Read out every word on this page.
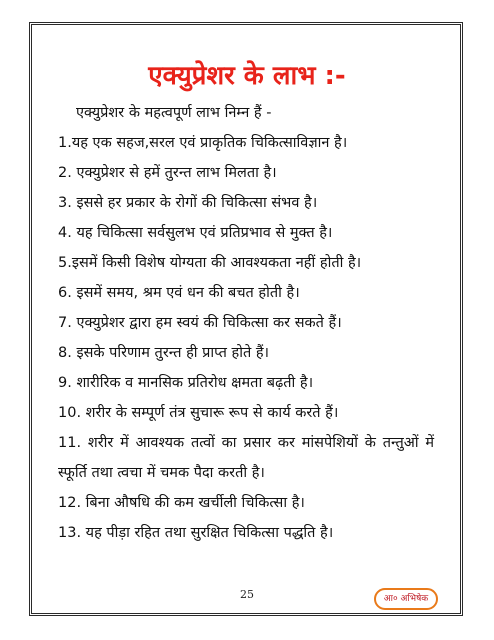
एक्युप्रेशर के लाभ :-
एक्युप्रेशर के महत्वपूर्ण लाभ निम्न हैं -
1.यह एक सहज,सरल एवं प्राकृतिक चिकित्साविज्ञान है।
2. एक्युप्रेशर से हमें तुरन्त लाभ मिलता है।
3. इससे हर प्रकार के रोगों की चिकित्सा संभव है।
4. यह चिकित्सा सर्वसुलभ एवं प्रतिप्रभाव से मुक्त है।
5.इसमें किसी विशेष योग्यता की आवश्यकता नहीं होती है।
6. इसमें समय, श्रम एवं धन की बचत होती है।
7. एक्युप्रेशर द्वारा हम स्वयं की चिकित्सा कर सकते हैं।
8. इसके परिणाम तुरन्त ही प्राप्त होते हैं।
9. शारीरिक व मानसिक प्रतिरोध क्षमता बढ़ती है।
10. शरीर के सम्पूर्ण तंत्र सुचारू रूप से कार्य करते हैं।
11. शरीर में आवश्यक तत्वों का प्रसार कर मांसपेशियों के तन्तुओं में स्फूर्ति तथा त्वचा में चमक पैदा करती है।
12. बिना औषधि की कम खर्चीली चिकित्सा है।
13. यह पीड़ा रहित तथा सुरक्षित चिकित्सा पद्धति है।
25	आ० अभिषेक
